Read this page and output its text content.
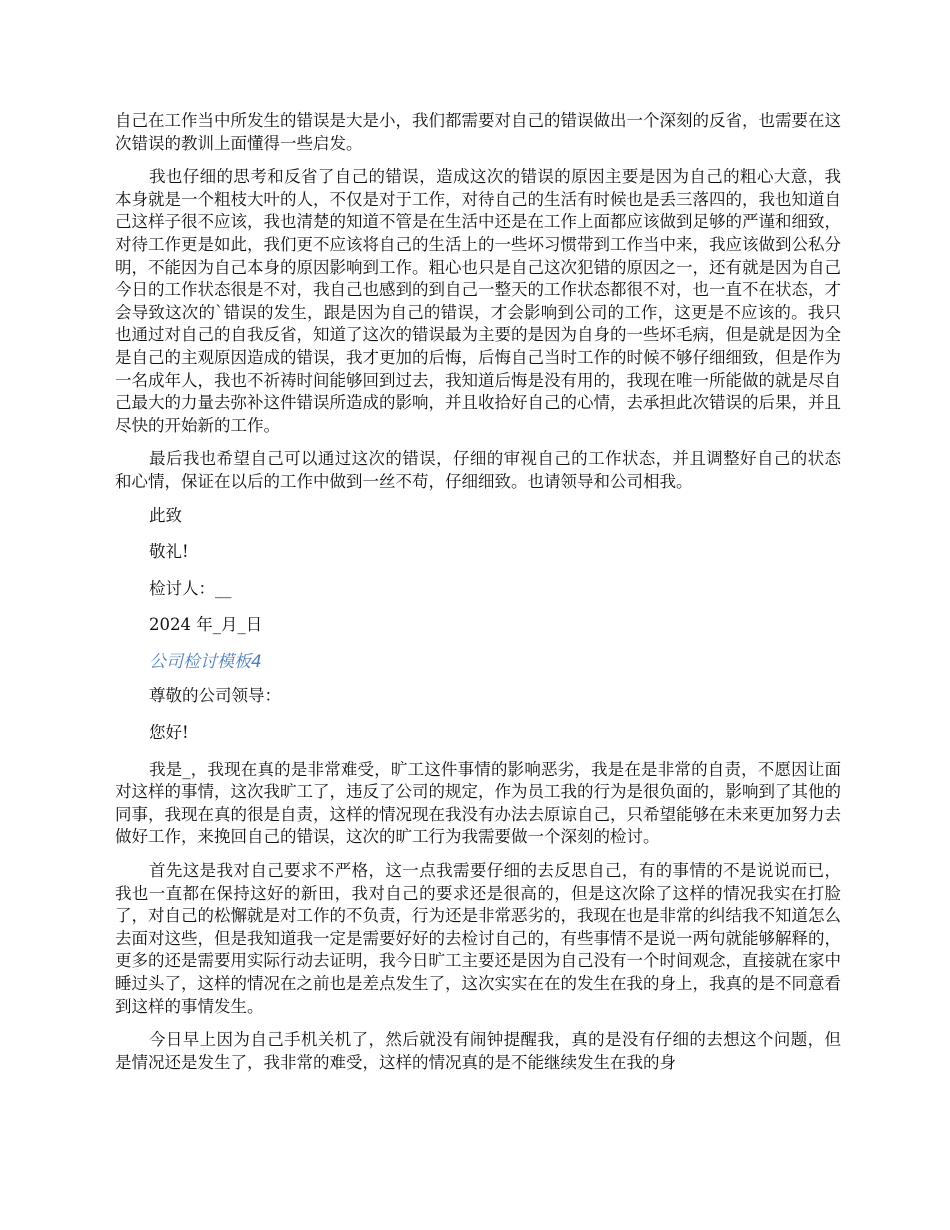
自己在工作当中所发生的错误是大是小，我们都需要对自己的错误做出一个深刻的反省，也需要在这次错误的教训上面懂得一些启发。

我也仔细的思考和反省了自己的错误，造成这次的错误的原因主要是因为自己的粗心大意，我本身就是一个粗枝大叶的人，不仅是对于工作，对待自己的生活有时候也是丢三落四的，我也知道自己这样子很不应该，我也清楚的知道不管是在生活中还是在工作上面都应该做到足够的严谨和细致，对待工作更是如此，我们更不应该将自己的生活上的一些坏习惯带到工作当中来，我应该做到公私分明，不能因为自己本身的原因影响到工作。粗心也只是自己这次犯错的原因之一，还有就是因为自己今日的工作状态很是不对，我自己也感到的到自己一整天的工作状态都很不对，也一直不在状态，才会导致这次的`错误的发生，跟是因为自己的错误，才会影响到公司的工作，这更是不应该的。我只也通过对自己的自我反省，知道了这次的错误最为主要的是因为自身的一些坏毛病，但是就是因为全是自己的主观原因造成的错误，我才更加的后悔，后悔自己当时工作的时候不够仔细细致，但是作为一名成年人，我也不祈祷时间能够回到过去，我知道后悔是没有用的，我现在唯一所能做的就是尽自己最大的力量去弥补这件错误所造成的影响，并且收拾好自己的心情，去承担此次错误的后果，并且尽快的开始新的工作。

最后我也希望自己可以通过这次的错误，仔细的审视自己的工作状态，并且调整好自己的状态和心情，保证在以后的工作中做到一丝不苟，仔细细致。也请领导和公司相我。

此致

敬礼!

检讨人：__

2024 年_月_日

公司检讨模板4

尊敬的公司领导：

您好!

我是_，我现在真的是非常难受，旷工这件事情的影响恶劣，我是在是非常的自责，不愿因让面对这样的事情，这次我旷工了，违反了公司的规定，作为员工我的行为是很负面的，影响到了其他的同事，我现在真的很是自责，这样的情况现在我没有办法去原谅自己，只希望能够在未来更加努力去做好工作，来挽回自己的错误，这次的旷工行为我需要做一个深刻的检讨。

首先这是我对自己要求不严格，这一点我需要仔细的去反思自己，有的事情的不是说说而已，我也一直都在保持这好的新田，我对自己的要求还是很高的，但是这次除了这样的情况我实在打脸了，对自己的松懈就是对工作的不负责，行为还是非常恶劣的，我现在也是非常的纠结我不知道怎么去面对这些，但是我知道我一定是需要好好的去检讨自己的，有些事情不是说一两句就能够解释的，更多的还是需要用实际行动去证明，我今日旷工主要还是因为自己没有一个时间观念，直接就在家中睡过头了，这样的情况在之前也是差点发生了，这次实实在在的发生在我的身上，我真的是不同意看到这样的事情发生。

今日早上因为自己手机关机了，然后就没有闹钟提醒我，真的是没有仔细的去想这个问题，但是情况还是发生了，我非常的难受，这样的情况真的是不能继续发生在我的身
